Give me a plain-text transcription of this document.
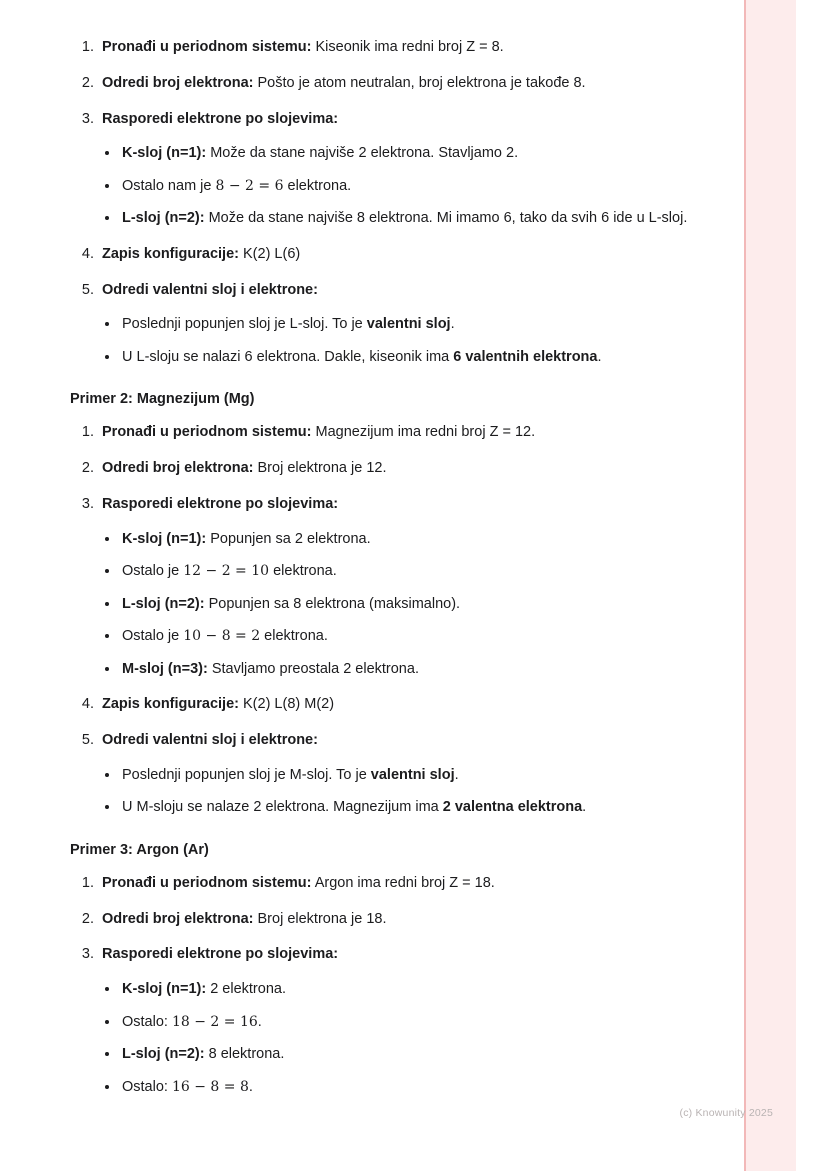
1. Pronađi u periodnom sistemu: Kiseonik ima redni broj Z = 8.
2. Odredi broj elektrona: Pošto je atom neutralan, broj elektrona je takođe 8.
3. Rasporedi elektrone po slojevima:
• K-sloj (n=1): Može da stane najviše 2 elektrona. Stavljamo 2.
• Ostalo nam je 8 − 2 = 6 elektrona.
• L-sloj (n=2): Može da stane najviše 8 elektrona. Mi imamo 6, tako da svih 6 ide u L-sloj.
4. Zapis konfiguracije: K(2) L(6)
5. Odredi valentni sloj i elektrone:
• Poslednji popunjen sloj je L-sloj. To je valentni sloj.
• U L-sloju se nalazi 6 elektrona. Dakle, kiseonik ima 6 valentnih elektrona.
Primer 2: Magnezijum (Mg)
1. Pronađi u periodnom sistemu: Magnezijum ima redni broj Z = 12.
2. Odredi broj elektrona: Broj elektrona je 12.
3. Rasporedi elektrone po slojevima:
• K-sloj (n=1): Popunjen sa 2 elektrona.
• Ostalo je 12 − 2 = 10 elektrona.
• L-sloj (n=2): Popunjen sa 8 elektrona (maksimalno).
• Ostalo je 10 − 8 = 2 elektrona.
• M-sloj (n=3): Stavljamo preostala 2 elektrona.
4. Zapis konfiguracije: K(2) L(8) M(2)
5. Odredi valentni sloj i elektrone:
• Poslednji popunjen sloj je M-sloj. To je valentni sloj.
• U M-sloju se nalaze 2 elektrona. Magnezijum ima 2 valentna elektrona.
Primer 3: Argon (Ar)
1. Pronađi u periodnom sistemu: Argon ima redni broj Z = 18.
2. Odredi broj elektrona: Broj elektrona je 18.
3. Rasporedi elektrone po slojevima:
• K-sloj (n=1): 2 elektrona.
• Ostalo: 18 − 2 = 16.
• L-sloj (n=2): 8 elektrona.
• Ostalo: 16 − 8 = 8.
(c) Knowunity 2025
